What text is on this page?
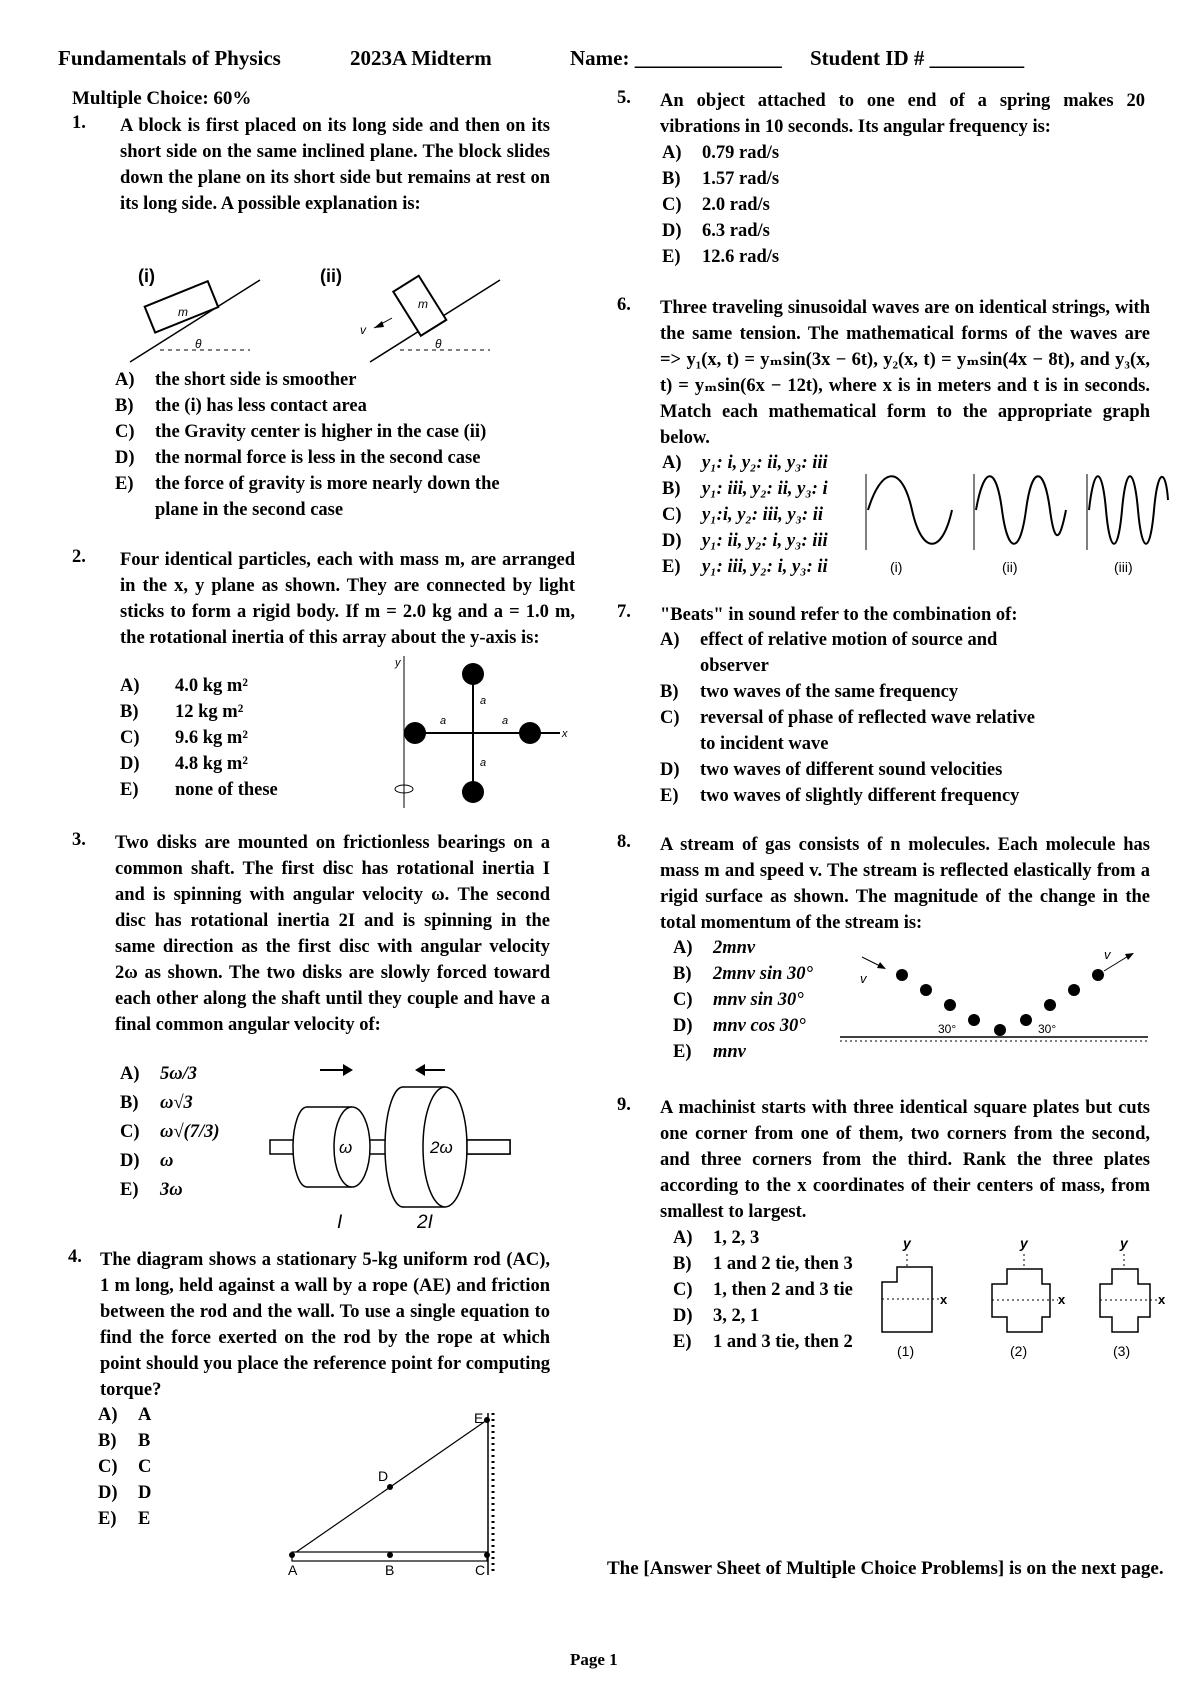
Fundamentals of Physics	2023A Midterm	Name: ______________ Student ID # _________
Multiple Choice: 60%
1. A block is first placed on its long side and then on its short side on the same inclined plane. The block slides down the plane on its short side but remains at rest on its long side. A possible explanation is:
(i)	(ii)
m
θ
m
v
θ
A) the short side is smoother
B) the (i) has less contact area
C) the Gravity center is higher in the case (ii)
D) the normal force is less in the second case
E) the force of gravity is more nearly down the
plane in the second case
2. Four identical particles, each with mass m, are arranged in the x, y plane as shown. They are connected by light sticks to form a rigid body. If m = 2.0 kg and a = 1.0 m, the rotational inertia of this array about the y-axis is:
A) 4.0 kg m²
B) 12 kg m²
C) 9.6 kg m²
D) 4.8 kg m²
E) none of these
y
x
a
a	a
a
3. Two disks are mounted on frictionless bearings on a common shaft. The first disc has rotational inertia I and is spinning with angular velocity ω. The second disc has rotational inertia 2I and is spinning in the same direction as the first disc with angular velocity 2ω as shown. The two disks are slowly forced toward each other along the shaft until they couple and have a final common angular velocity of:
A) 5ω/3
B) ω√3
C) ω√(7/3)
D) ω
E) 3ω
ω	2ω
I	2I
4. The diagram shows a stationary 5-kg uniform rod (AC), 1 m long, held against a wall by a rope (AE) and friction between the rod and the wall. To use a single equation to find the force exerted on the rod by the rope at which point should you place the reference point for computing torque?
A) A
B) B
C) C
D) D
E) E
A	B	C
D
E
5. An object attached to one end of a spring makes 20 vibrations in 10 seconds. Its angular frequency is:
A) 0.79 rad/s
B) 1.57 rad/s
C) 2.0 rad/s
D) 6.3 rad/s
E) 12.6 rad/s
6. Three traveling sinusoidal waves are on identical strings, with the same tension. The mathematical forms of the waves are => y₁(x, t) = yₘsin(3x − 6t), y₂(x, t) = yₘsin(4x − 8t), and y₃(x, t) = yₘsin(6x − 12t), where x is in meters and t is in seconds. Match each mathematical form to the appropriate graph below.
A) y₁: i, y₂: ii, y₃: iii
B) y₁: iii, y₂: ii, y₃: i
C) y₁:i, y₂: iii, y₃: ii
D) y₁: ii, y₂: i, y₃: iii
E) y₁: iii, y₂: i, y₃: ii	(i)	(ii)	(iii)
7. "Beats" in sound refer to the combination of:
A) effect of relative motion of source and
observer
B) two waves of the same frequency
C) reversal of phase of reflected wave relative
to incident wave
D) two waves of different sound velocities
E) two waves of slightly different frequency
8. A stream of gas consists of n molecules. Each molecule has mass m and speed v. The stream is reflected elastically from a rigid surface as shown. The magnitude of the change in the total momentum of the stream is:
A) 2mnv
B) 2mnv sin 30°
C) mnv sin 30°
D) mnv cos 30°
E) mnv
v
v
30°	30°
9. A machinist starts with three identical square plates but cuts one corner from one of them, two corners from the second, and three corners from the third. Rank the three plates according to the x coordinates of their centers of mass, from smallest to largest.
A) 1, 2, 3
B) 1 and 2 tie, then 3
C) 1, then 2 and 3 tie
D) 3, 2, 1
E) 1 and 3 tie, then 2
y
x
(1)
y
x
(2)
y
x
(3)
The [Answer Sheet of Multiple Choice Problems] is on the next page.
Page 1
